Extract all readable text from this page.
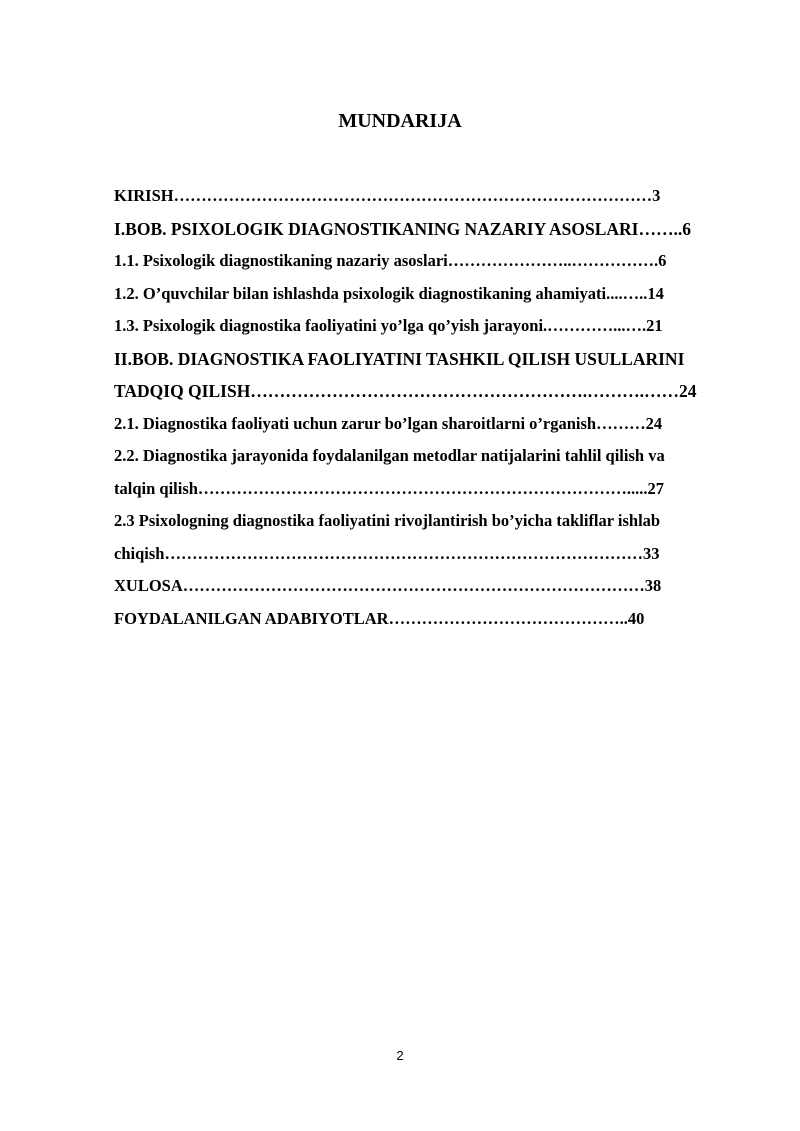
MUNDARIJA
KIRISH……………………………………………………………………………3
I.BOB. PSIXOLOGIK DIAGNOSTIKANING NAZARIY ASOSLARI……..6
1.1. Psixologik diagnostikaning nazariy asoslari…………………..…………….6
1.2. O’quvchilar bilan ishlashda psixologik diagnostikaning ahamiyati....…..14
1.3. Psixologik diagnostika faoliyatini yo’lga qo’yish jarayoni.…………...….21
II.BOB. DIAGNOSTIKA FAOLIYATINI TASHKIL QILISH USULLARINI
TADQIQ QILISH………………………………………………….……….……24
2.1. Diagnostika faoliyati uchun zarur bo’lgan sharoitlarni o’rganish………24
2.2. Diagnostika jarayonida foydalanilgan metodlar natijalarini tahlil qilish va
talqin qilish…………………………………………………………………….....27
2.3 Psixologning diagnostika faoliyatini rivojlantirish bo’yicha takliflar ishlab
chiqish……………………………………………………………………………33
XULOSA…………………………………………………………………………38
FOYDALANILGAN ADABIYOTLAR……………………………………..40
2
